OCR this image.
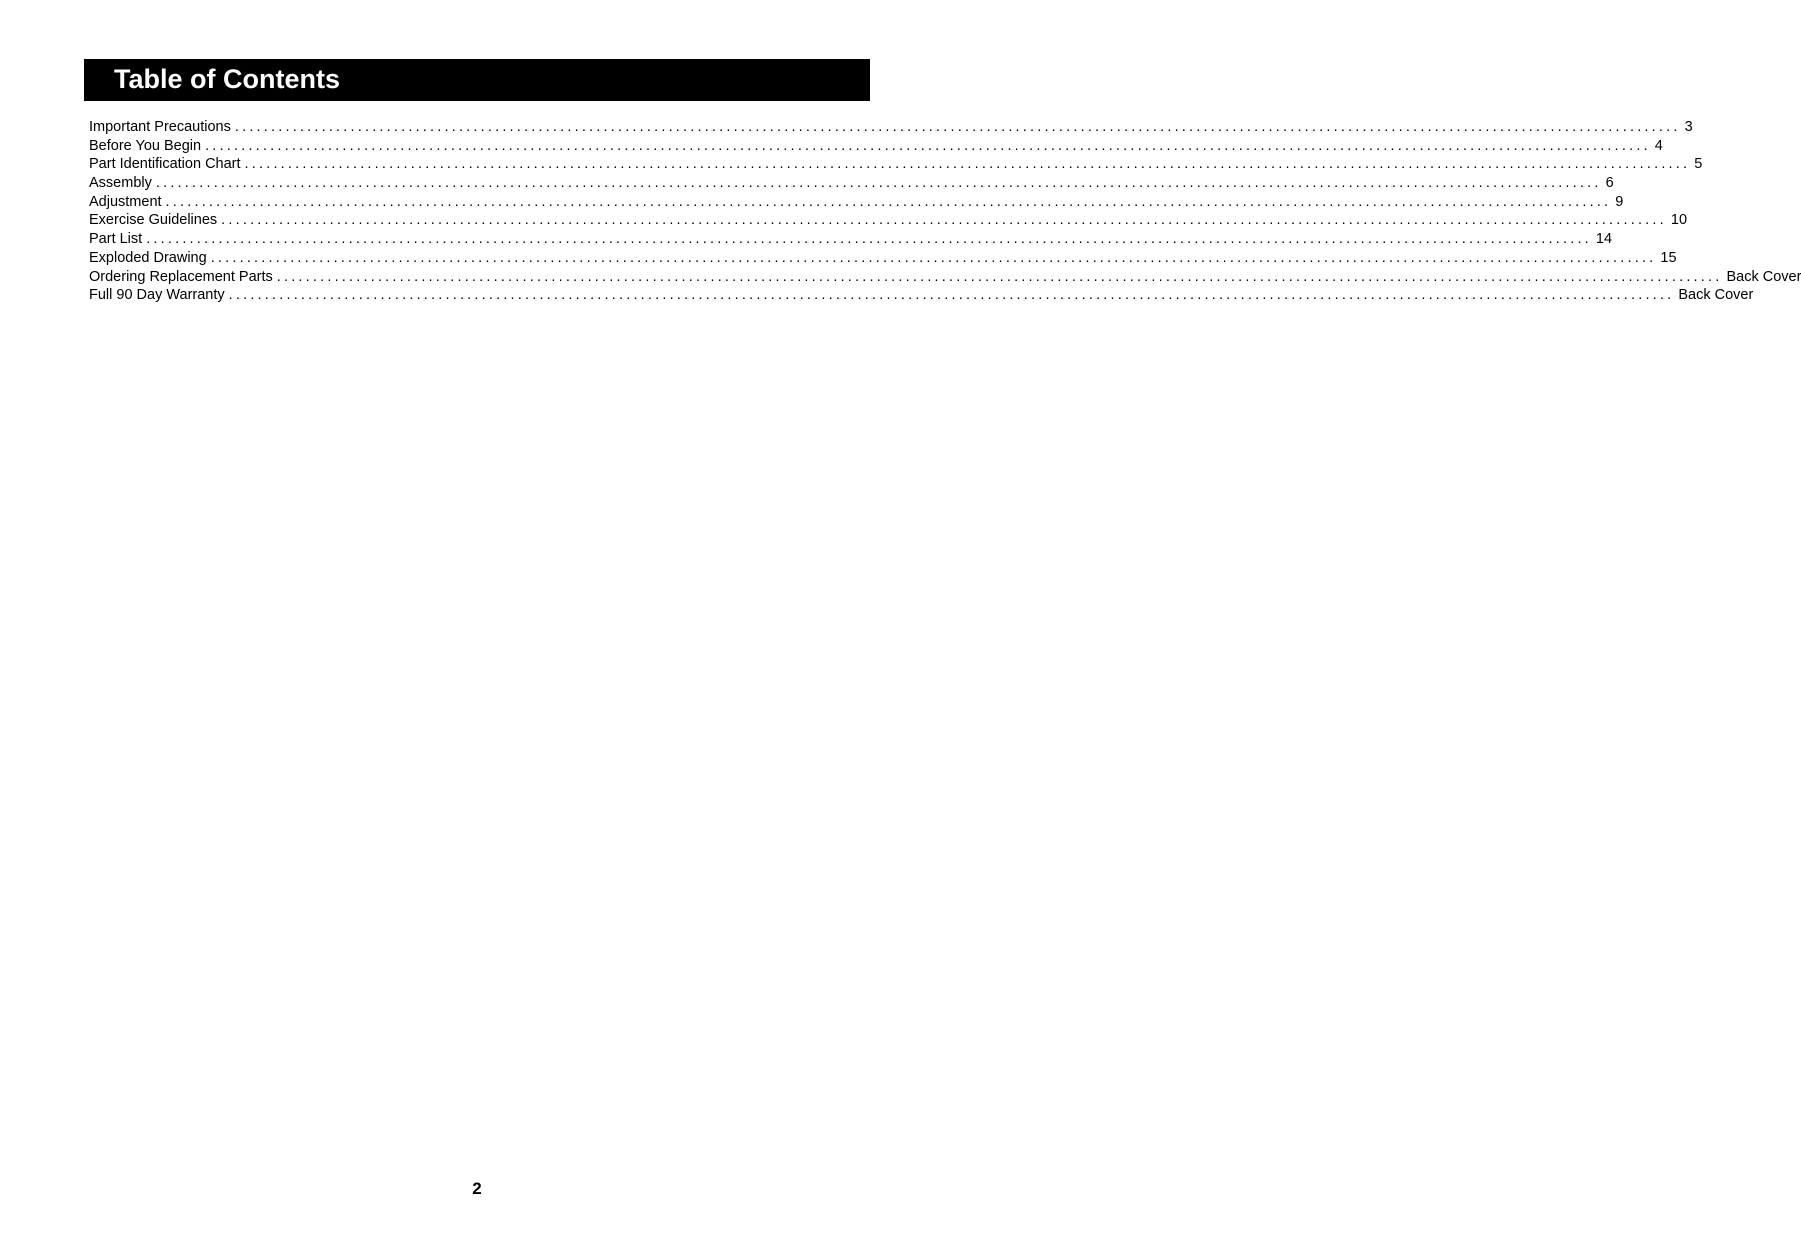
Table of Contents
Important Precautions ........................................................................................................................................................................................................ 3
Before You Begin ........................................................................................................................................................................................................ 4
Part Identification Chart ........................................................................................................................................................................................................ 5
Assembly ........................................................................................................................................................................................................ 6
Adjustment ........................................................................................................................................................................................................ 9
Exercise Guidelines ........................................................................................................................................................................................................ 10
Part List ........................................................................................................................................................................................................ 14
Exploded Drawing ........................................................................................................................................................................................................ 15
Ordering Replacement Parts ........................................................................................................................................................................................................ Back Cover
Full 90 Day Warranty ........................................................................................................................................................................................................ Back Cover
2
